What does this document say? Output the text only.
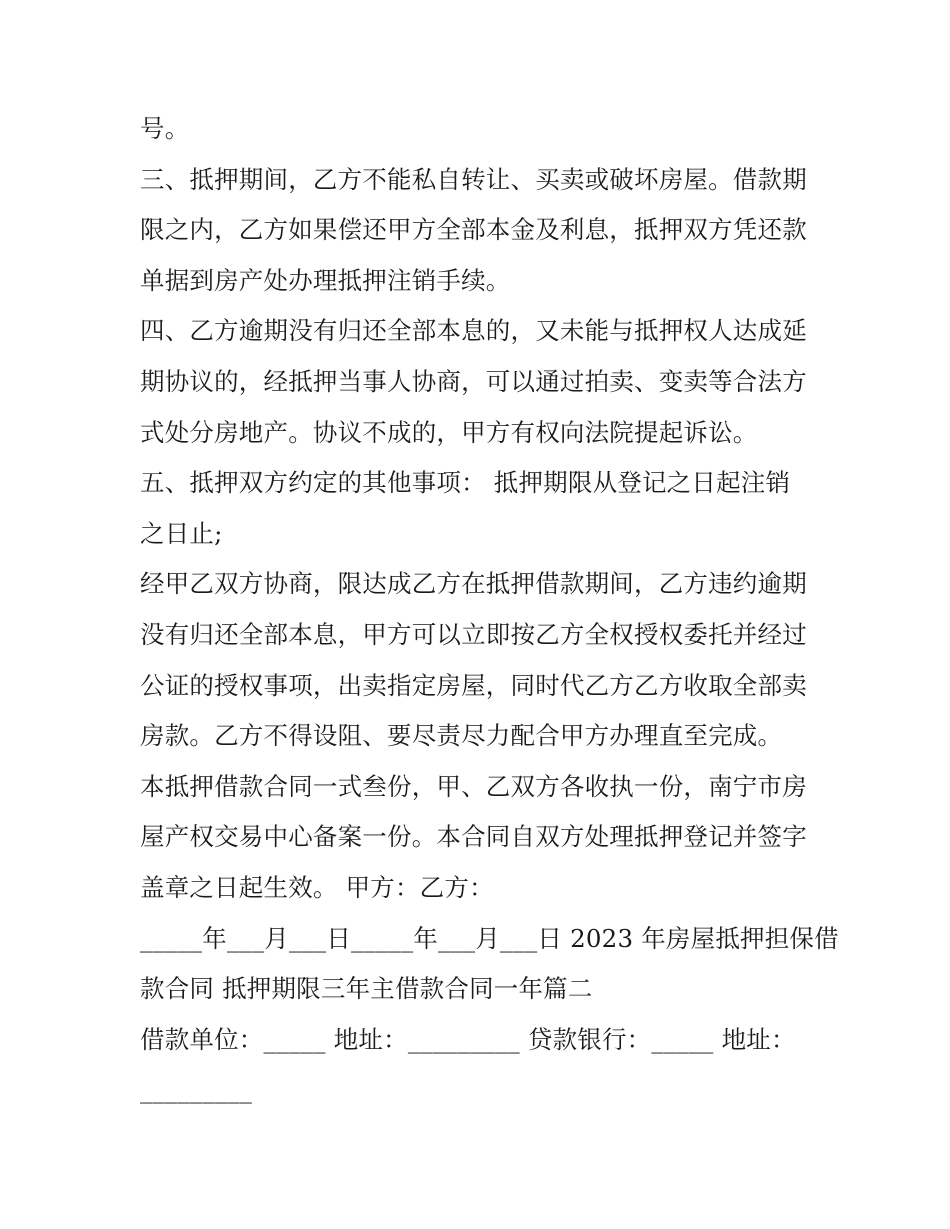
号。
三、抵押期间，乙方不能私自转让、买卖或破坏房屋。借款期
限之内，乙方如果偿还甲方全部本金及利息，抵押双方凭还款
单据到房产处办理抵押注销手续。
四、乙方逾期没有归还全部本息的，又未能与抵押权人达成延
期协议的，经抵押当事人协商，可以通过拍卖、变卖等合法方
式处分房地产。协议不成的，甲方有权向法院提起诉讼。
五、抵押双方约定的其他事项： 抵押期限从登记之日起注销
之日止;
经甲乙双方协商，限达成乙方在抵押借款期间，乙方违约逾期
没有归还全部本息，甲方可以立即按乙方全权授权委托并经过
公证的授权事项，出卖指定房屋，同时代乙方乙方收取全部卖
房款。乙方不得设阻、要尽责尽力配合甲方办理直至完成。
本抵押借款合同一式叁份，甲、乙双方各收执一份，南宁市房
屋产权交易中心备案一份。本合同自双方处理抵押登记并签字
盖章之日起生效。 甲方：乙方：
_____年___月___日_____年___月___日 2023 年房屋抵押担保借
款合同 抵押期限三年主借款合同一年篇二
借款单位：_____ 地址：_________ 贷款银行：_____ 地址：
_________
